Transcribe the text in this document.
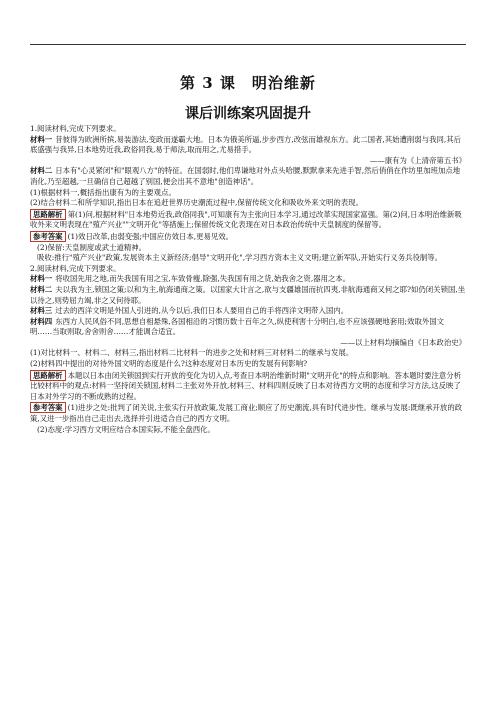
第 3 课　明治维新
课后训练案巩固提升

1.阅读材料,完成下列要求。

材料一 昔彼得为欧洲所摈,易装游法,变政而遂霸大地。日本为俄美所逼,步步西方,改弦而雄视东方。此二国者,其始遭削弱与我同,其后底盛强与我异,日本地势近我,政俗同我,易于师法,取而用之,尤易措手。

——康有为《上清帝第五书》

材料二 日本有"心灵紧闭"和"眼观八方"的特征。在国弱时,他们卑谦地对外点头哈腰,默默拿来先进手智,然后俏俏在作坊里加班加点地消化,乃至超越,一旦确信自己超越了别国,便会出其不意地"创造神话"。

(1)根据材料一,概括指出康有为的主要观点。

(2)结合材料二和所学知识,指出日本在追赶世界历史潮流过程中,保留传统文化和吸收外来文明的表现。

思路解析 第(1)问,根据材料"日本地势近我,政俗同我",可知康有为主张向日本学习,通过改革实现国家富强。第(2)问,日本明治维新吸收外来文明表现在"殖产兴业""文明开化"等措施上;保留传统文化表现在对日本政治传统中天皇制度的保留等。

参考答案 (1)效日改革,由弱变强;中国应仿效日本,更易见效。

(2)保留:天皇制度或武士道精神。

吸收:推行"殖产兴业"政策,发展资本主义新经济;倡导"文明开化",学习西方资本主义文明;建立新军队,开始实行义务兵役制等。

2.阅读材料,完成下列要求。

材料一 将收国先用之地,而失我国有用之宝,车致骨瘦,除强,失我国有用之货,始我舍之资,器用之本。

材料二 夫以我为主,锁国之策;以和为主,航海通商之策。以国家大计言之,欲与支疆雄国而抗四夷,非航海通商又何之耶?如仍闭关锁国,坐以待之,则势屈力竭,非之又何待耶。

材料三 过去的西洋文明是外国人引进的,从今以后,我们日本人要用自己的手将西洋文明带入国内。

材料四 东西方人民风俗不同,思想自相悬殊,各国相沿的习惯历数十百年之久,纵使利害十分明白,也不应该强硬地套用;效取外国文明……当取则取,舍舍则舍……才能调合适宜。

——以上材料均摘编自《日本政治史》

(1)对比材料一、材料二、材料三,指出材料二比材料一的进步之处和材料三对材料二的继承与发展。

(2)材料四中提出的对待外国文明的态度是什么?这种态度对日本历史的发展有何影响?

思路解析 本题以日本由闭关锁国到实行开放的变化为切入点,考查日本明治维新时期"文明开化"的特点和影响。答本题时要注意分析比较材料中的观点:材料一坚持闭关锁国,材料二主张对外开放,材料三、材料四则反映了日本对待西方文明的态度和学习方法,这反映了日本对外学习的不断成熟的过程。

参考答案 (1)进步之处:批判了闭关说,主张实行开放政策,发展工商业;顺应了历史潮流,具有时代进步性。继承与发展:既继承开放的政策,又进一步指出自己走出去,选择并引进适合自己的西方文明。

(2)态度:学习西方文明应结合本国实际,不能全盘西化。
